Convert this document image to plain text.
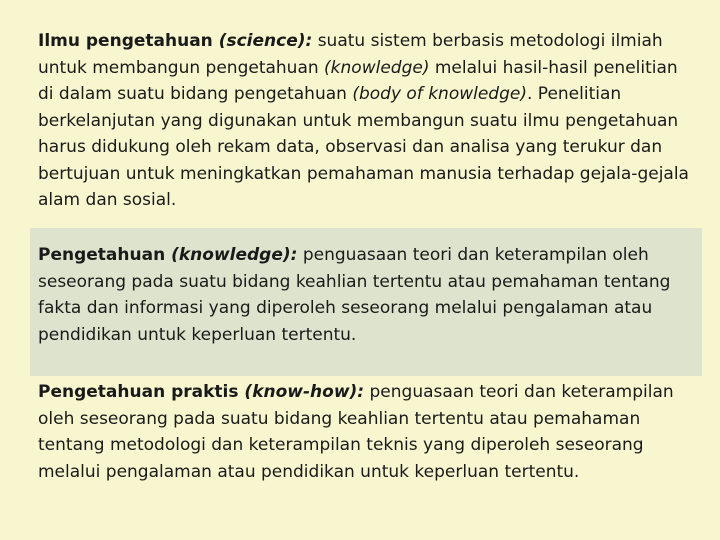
Ilmu pengetahuan (science): suatu sistem berbasis metodologi ilmiah untuk membangun pengetahuan (knowledge) melalui hasil-hasil penelitian di dalam suatu bidang pengetahuan (body of knowledge). Penelitian berkelanjutan yang digunakan untuk membangun suatu ilmu pengetahuan harus didukung oleh rekam data, observasi dan analisa yang terukur dan bertujuan untuk meningkatkan pemahaman manusia terhadap gejala-gejala alam dan sosial.
Pengetahuan (knowledge): penguasaan teori dan keterampilan oleh seseorang pada suatu bidang keahlian tertentu atau pemahaman tentang fakta dan informasi yang diperoleh seseorang melalui pengalaman atau pendidikan untuk keperluan tertentu.
Pengetahuan praktis (know-how): penguasaan teori dan keterampilan oleh seseorang pada suatu bidang keahlian tertentu atau pemahaman tentang metodologi dan keterampilan teknis yang diperoleh seseorang melalui pengalaman atau pendidikan untuk keperluan tertentu.
